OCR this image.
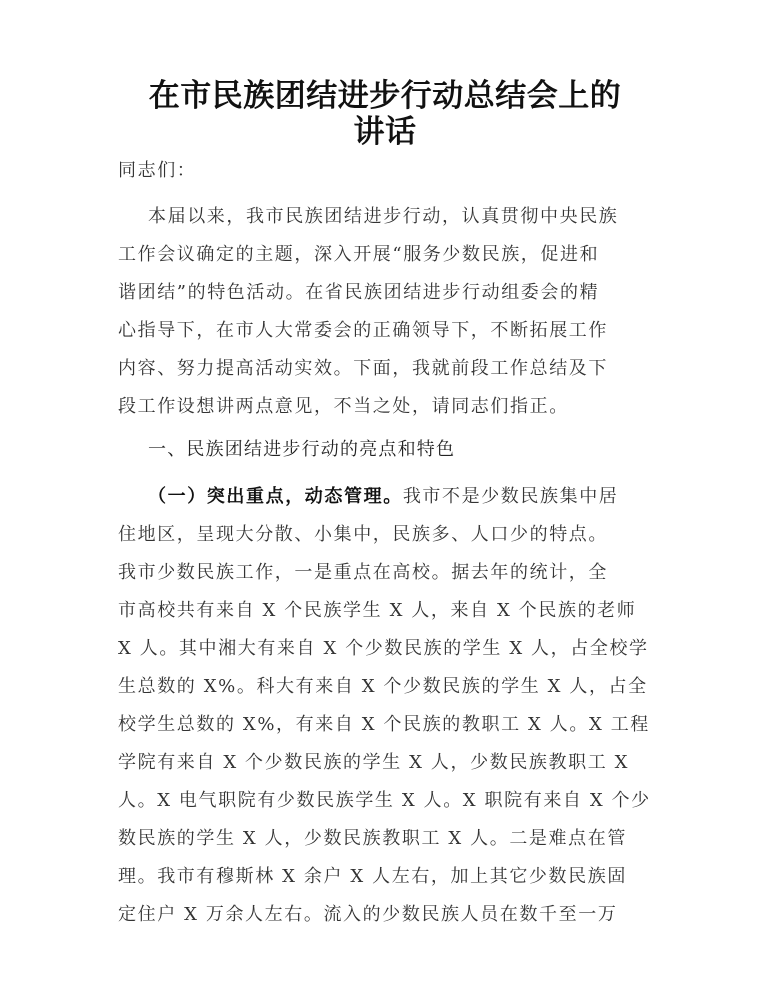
在市民族团结进步行动总结会上的
讲话
同志们：
本届以来，我市民族团结进步行动，认真贯彻中央民族
工作会议确定的主题，深入开展“服务少数民族，促进和
谐团结”的特色活动。在省民族团结进步行动组委会的精
心指导下，在市人大常委会的正确领导下，不断拓展工作
内容、努力提高活动实效。下面，我就前段工作总结及下
段工作设想讲两点意见，不当之处，请同志们指正。
一、民族团结进步行动的亮点和特色
（一）突出重点，动态管理。我市不是少数民族集中居
住地区，呈现大分散、小集中，民族多、人口少的特点。
我市少数民族工作，一是重点在高校。据去年的统计，全
市高校共有来自 X 个民族学生 X 人，来自 X 个民族的老师
X 人。其中湘大有来自 X 个少数民族的学生 X 人，占全校学
生总数的 X%。科大有来自 X 个少数民族的学生 X 人，占全
校学生总数的 X%，有来自 X 个民族的教职工 X 人。X 工程
学院有来自 X 个少数民族的学生 X 人，少数民族教职工 X
人。X 电气职院有少数民族学生 X 人。X 职院有来自 X 个少
数民族的学生 X 人，少数民族教职工 X 人。二是难点在管
理。我市有穆斯林 X 余户 X 人左右，加上其它少数民族固
定住户 X 万余人左右。流入的少数民族人员在数千至一万
